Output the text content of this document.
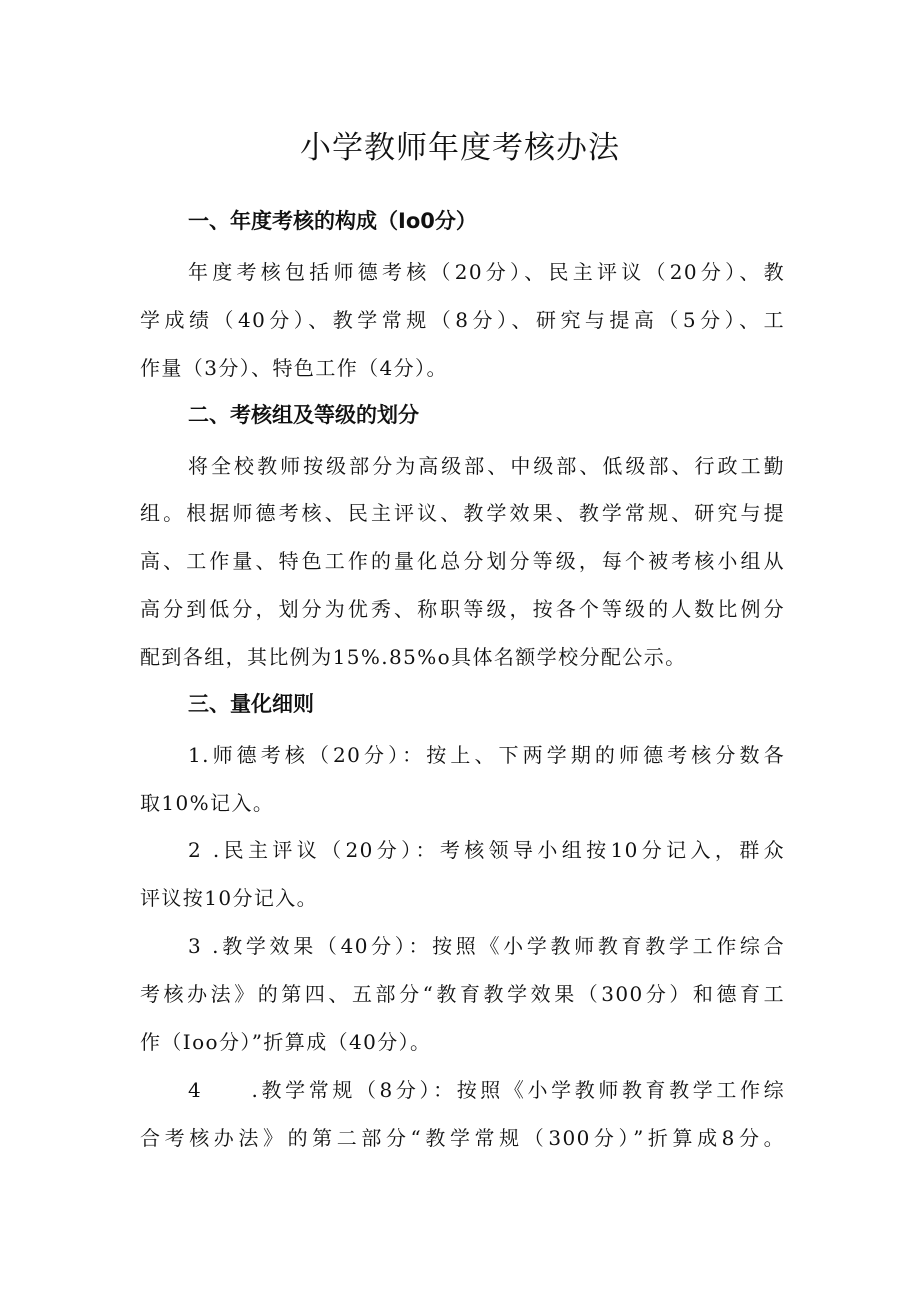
小学教师年度考核办法
一、年度考核的构成（Io0分）
年度考核包括师德考核（20分）、民主评议（20分）、教
学成绩（40分）、教学常规（8分）、研究与提高（5分）、工
作量（3分）、特色工作（4分）。
二、考核组及等级的划分
将全校教师按级部分为高级部、中级部、低级部、行政工勤
组。根据师德考核、民主评议、教学效果、教学常规、研究与提
高、工作量、特色工作的量化总分划分等级，每个被考核小组从
高分到低分，划分为优秀、称职等级，按各个等级的人数比例分
配到各组，其比例为15%.85%o具体名额学校分配公示。
三、量化细则
1.师德考核（20分）：按上、下两学期的师德考核分数各
取10%记入。
2 .民主评议（20分）：考核领导小组按10分记入，群众
评议按10分记入。
3 .教学效果（40分）：按照《小学教师教育教学工作综合
考核办法》的第四、五部分“教育教学效果（300分）和德育工
作（Ioo分）”折算成（40分）。
4　　.教学常规（8分）：按照《小学教师教育教学工作综
合考核办法》的第二部分“教学常规（300分）”折算成8分。
